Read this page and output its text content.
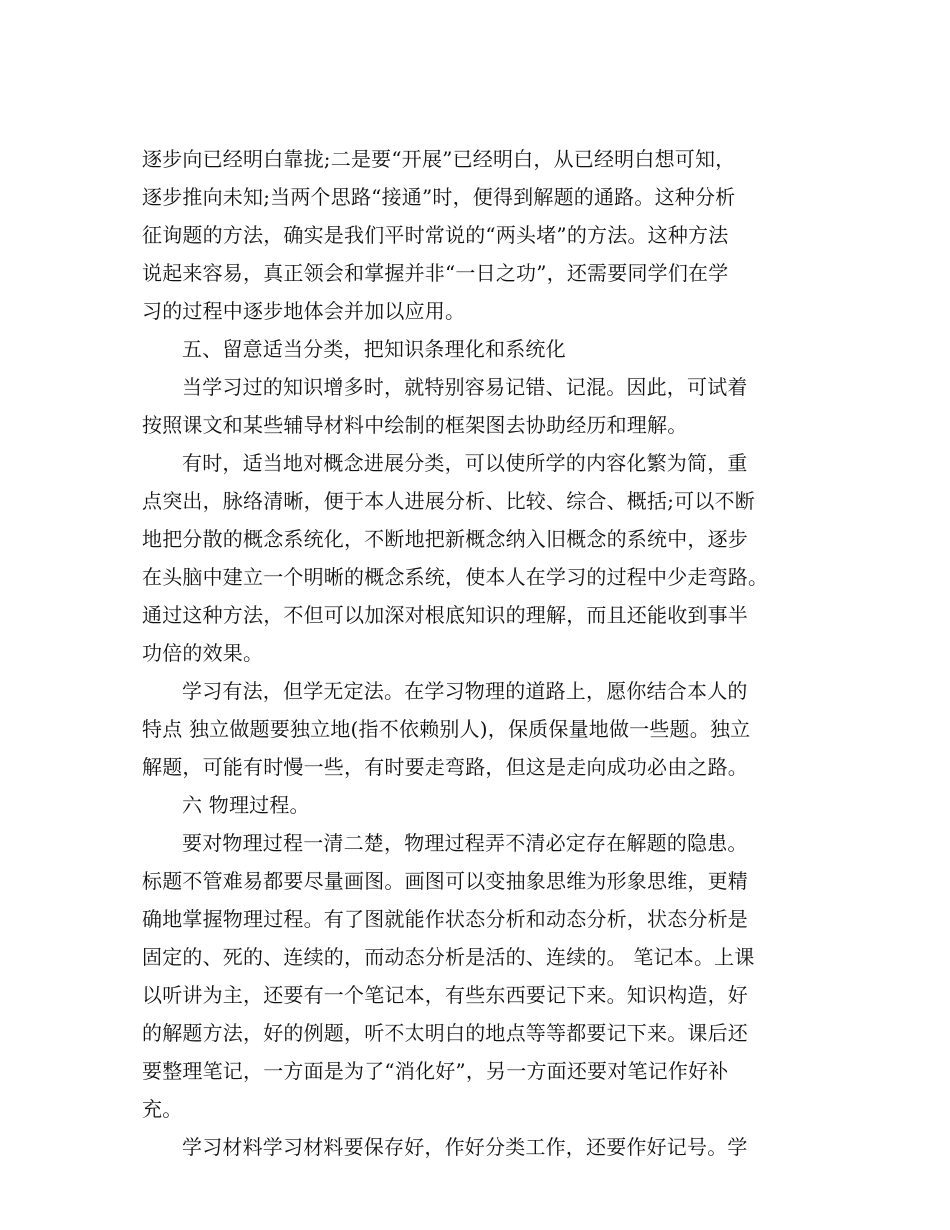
逐步向已经明白靠拢;二是要“开展”已经明白，从已经明白想可知，
逐步推向未知;当两个思路“接通”时，便得到解题的通路。这种分析
征询题的方法，确实是我们平时常说的“两头堵”的方法。这种方法
说起来容易，真正领会和掌握并非“一日之功”，还需要同学们在学
习的过程中逐步地体会并加以应用。
五、留意适当分类，把知识条理化和系统化
当学习过的知识增多时，就特别容易记错、记混。因此，可试着
按照课文和某些辅导材料中绘制的框架图去协助经历和理解。
有时，适当地对概念进展分类，可以使所学的内容化繁为简，重
点突出，脉络清晰，便于本人进展分析、比较、综合、概括;可以不断
地把分散的概念系统化，不断地把新概念纳入旧概念的系统中，逐步
在头脑中建立一个明晰的概念系统，使本人在学习的过程中少走弯路。
通过这种方法，不但可以加深对根底知识的理解，而且还能收到事半
功倍的效果。
学习有法，但学无定法。在学习物理的道路上，愿你结合本人的
特点 独立做题要独立地(指不依赖别人)，保质保量地做一些题。独立
解题，可能有时慢一些，有时要走弯路，但这是走向成功必由之路。
六 物理过程。
要对物理过程一清二楚，物理过程弄不清必定存在解题的隐患。
标题不管难易都要尽量画图。画图可以变抽象思维为形象思维，更精
确地掌握物理过程。有了图就能作状态分析和动态分析，状态分析是
固定的、死的、连续的，而动态分析是活的、连续的。 笔记本。上课
以听讲为主，还要有一个笔记本，有些东西要记下来。知识构造，好
的解题方法，好的例题，听不太明白的地点等等都要记下来。课后还
要整理笔记，一方面是为了“消化好”，另一方面还要对笔记作好补
充。
学习材料学习材料要保存好，作好分类工作，还要作好记号。学
